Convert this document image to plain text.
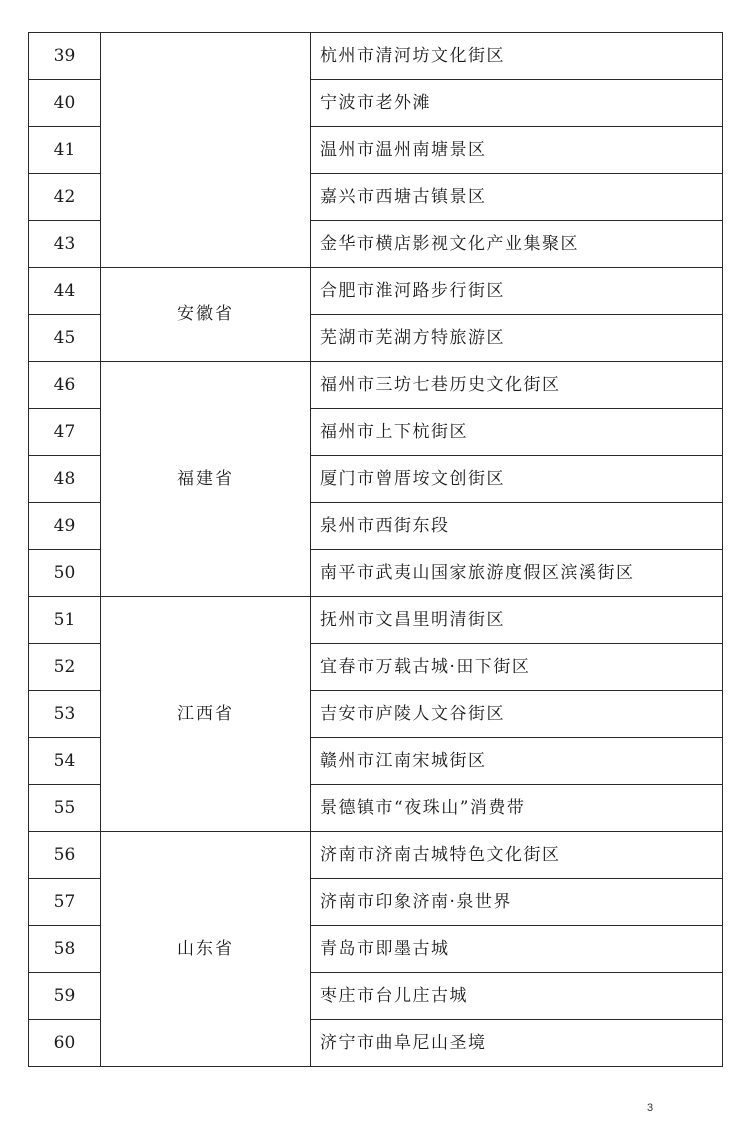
39		杭州市清河坊文化街区
40		宁波市老外滩
41		温州市温州南塘景区
42		嘉兴市西塘古镇景区
43		金华市横店影视文化产业集聚区
44	安徽省	合肥市淮河路步行街区
45		芜湖市芜湖方特旅游区
46	福建省	福州市三坊七巷历史文化街区
47		福州市上下杭街区
48		厦门市曾厝垵文创街区
49		泉州市西街东段
50		南平市武夷山国家旅游度假区滨溪街区
51	江西省	抚州市文昌里明清街区
52		宜春市万载古城·田下街区
53		吉安市庐陵人文谷街区
54		赣州市江南宋城街区
55		景德镇市“夜珠山”消费带
56	山东省	济南市济南古城特色文化街区
57		济南市印象济南·泉世界
58		青岛市即墨古城
59		枣庄市台儿庄古城
60		济宁市曲阜尼山圣境
3
